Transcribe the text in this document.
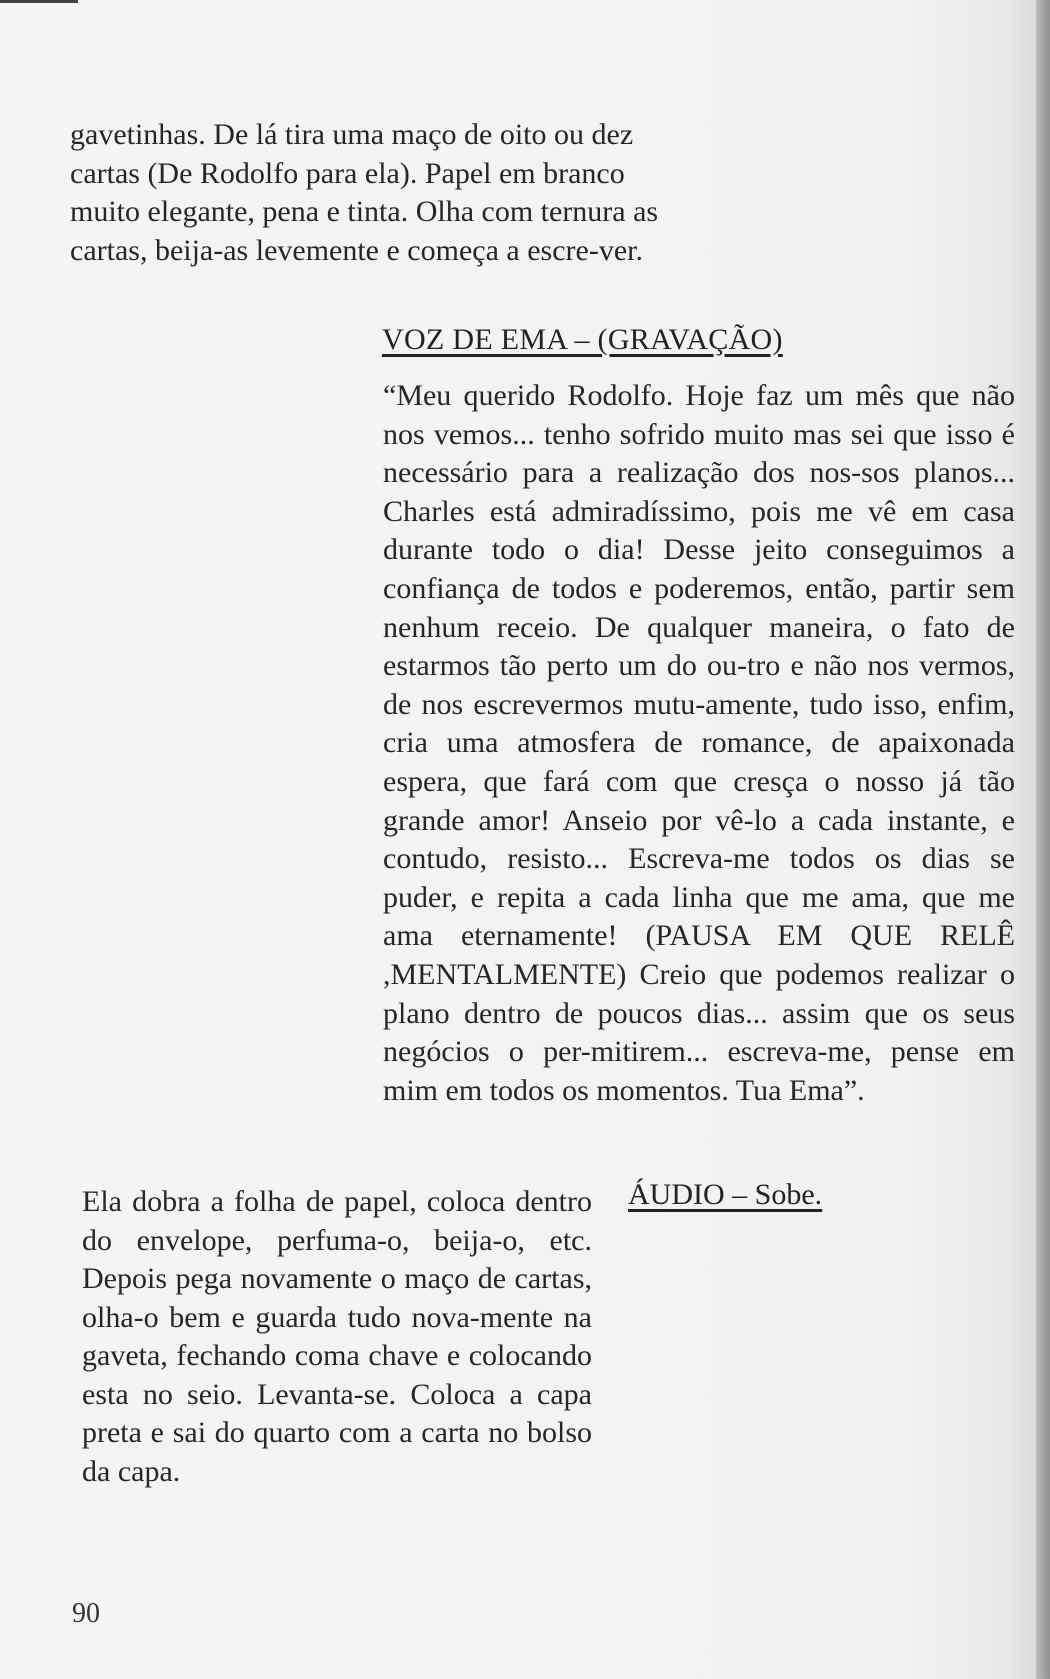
gavetinhas. De lá tira uma maço de oito ou dez cartas (De Rodolfo para ela). Papel em branco muito elegante, pena e tinta. Olha com ternura as cartas, beija-as levemente e começa a escre-ver.

VOZ DE EMA – (GRAVAÇÃO)

“Meu querido Rodolfo. Hoje faz um mês que não nos vemos... tenho sofrido muito mas sei que isso é necessário para a realização dos nos-sos planos... Charles está admiradíssimo, pois me vê em casa durante todo o dia! Desse jeito conseguimos a confiança de todos e poderemos, então, partir sem nenhum receio. De qualquer maneira, o fato de estarmos tão perto um do ou-tro e não nos vermos, de nos escrevermos mutu-amente, tudo isso, enfim, cria uma atmosfera de romance, de apaixonada espera, que fará com que cresça o nosso já tão grande amor! Anseio por vê-lo a cada instante, e contudo, resisto... Escreva-me todos os dias se puder, e repita a cada linha que me ama, que me ama eternamente! (PAUSA EM QUE RELÊ ,MENTALMENTE) Creio que podemos realizar o plano dentro de poucos dias... assim que os seus negócios o per-mitirem... escreva-me, pense em mim em todos os momentos. Tua Ema”.

Ela dobra a folha de papel, coloca dentro do envelope, perfuma-o, beija-o, etc. Depois pega novamente o maço de cartas, olha-o bem e guarda tudo nova-mente na gaveta, fechando coma chave e colocando esta no seio. Levanta-se. Coloca a capa preta e sai do quarto com a carta no bolso da capa.

ÁUDIO – Sobe.
90
